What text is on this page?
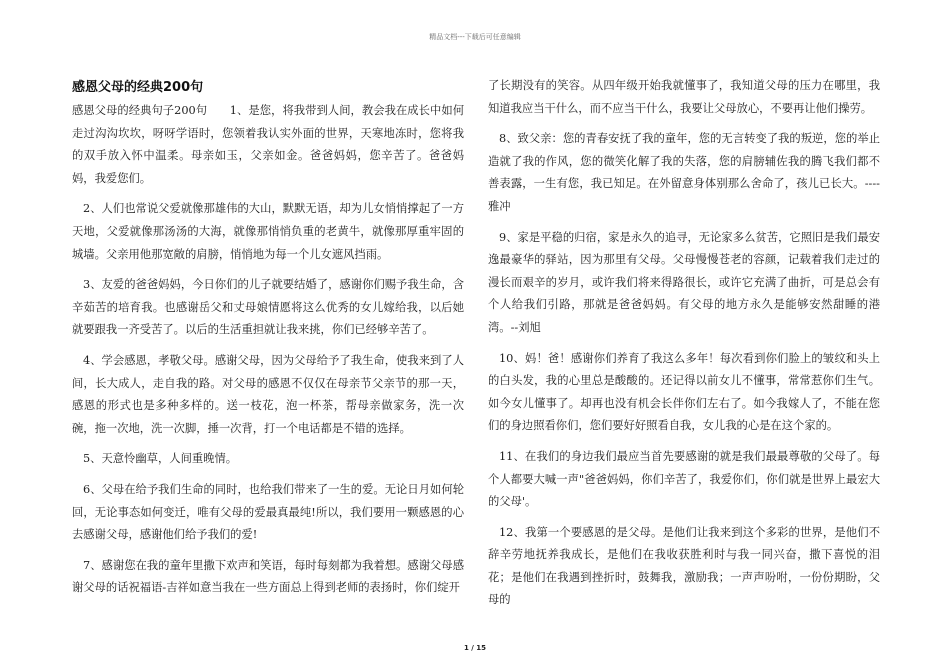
精品文档---下载后可任意编辑
感恩父母的经典200句

感恩父母的经典句子200句　　1、是您，将我带到人间，教会我在成长中如何走过沟沟坎坎，呀呀学语时，您领着我认实外面的世界，天寒地冻时，您将我的双手放入怀中温柔。母亲如玉，父亲如金。爸爸妈妈，您辛苦了。爸爸妈妈，我爱您们。

2、人们也常说父爱就像那雄伟的大山，默默无语，却为儿女悄悄撑起了一方天地，父爱就像那汤汤的大海，就像那悄悄负重的老黄牛，就像那厚重牢固的城墙。父亲用他那宽敞的肩膀，悄悄地为每一个儿女遮风挡雨。

3、友爱的爸爸妈妈，今日你们的儿子就要结婚了，感谢你们赐予我生命，含辛茹苦的培育我。也感谢岳父和丈母娘情愿将这么优秀的女儿嫁给我，以后她就要跟我一齐受苦了。以后的生活重担就让我来挑，你们已经够辛苦了。

4、学会感恩，孝敬父母。感谢父母，因为父母给予了我生命，使我来到了人间，长大成人，走自我的路。对父母的感恩不仅仅在母亲节父亲节的那一天，感恩的形式也是多种多样的。送一枝花，泡一杯茶，帮母亲做家务，洗一次碗，拖一次地，洗一次脚，捶一次背，打一个电话都是不错的选择。

5、天意怜幽草，人间重晚情。

6、父母在给予我们生命的同时，也给我们带来了一生的爱。无论日月如何轮回，无论事态如何变迁，唯有父母的爱最真最纯!所以，我们要用一颗感恩的心去感谢父母，感谢他们给予我们的爱!

7、感谢您在我的童年里撒下欢声和笑语，每时每刻都为我着想。感谢父母感谢父母的话祝福语-吉祥如意当我在一些方面总上得到老师的表扬时，你们绽开

了长期没有的笑容。从四年级开始我就懂事了，我知道父母的压力在哪里，我知道我应当干什么，而不应当干什么，我要让父母放心，不要再让他们操劳。

8、致父亲：您的青春安抚了我的童年，您的无言转变了我的叛逆，您的举止造就了我的作风，您的微笑化解了我的失落，您的肩膀辅佐我的腾飞我们都不善表露，一生有您，我已知足。在外留意身体别那么舍命了，孩儿已长大。----雅冲

9、家是平稳的归宿，家是永久的追寻，无论家多么贫苦，它照旧是我们最安逸最豪华的驿站，因为那里有父母。父母慢慢苍老的容颜，记载着我们走过的漫长而艰辛的岁月，或许我们将来得路很长，或许它充满了曲折，可是总会有个人给我们引路，那就是爸爸妈妈。有父母的地方永久是能够安然甜睡的港湾。--刘旭

10、妈！爸！感谢你们养育了我这么多年！每次看到你们脸上的皱纹和头上的白头发，我的心里总是酸酸的。还记得以前女儿不懂事，常常惹你们生气。如今女儿懂事了。却再也没有机会长伴你们左右了。如今我嫁人了，不能在您们的身边照看你们，您们要好好照看自我，女儿我的心是在这个家的。

11、在我们的身边我们最应当首先要感谢的就是我们最最尊敬的父母了。每个人都要大喊一声"爸爸妈妈，你们辛苦了，我爱你们，你们就是世界上最宏大的父母'。

12、我第一个要感恩的是父母。是他们让我来到这个多彩的世界，是他们不辞辛劳地抚养我成长，是他们在我收获胜利时与我一同兴奋，撒下喜悦的泪花；是他们在我遇到挫折时，鼓舞我，激励我；一声声吩咐，一份份期盼，父母的

1 / 15
